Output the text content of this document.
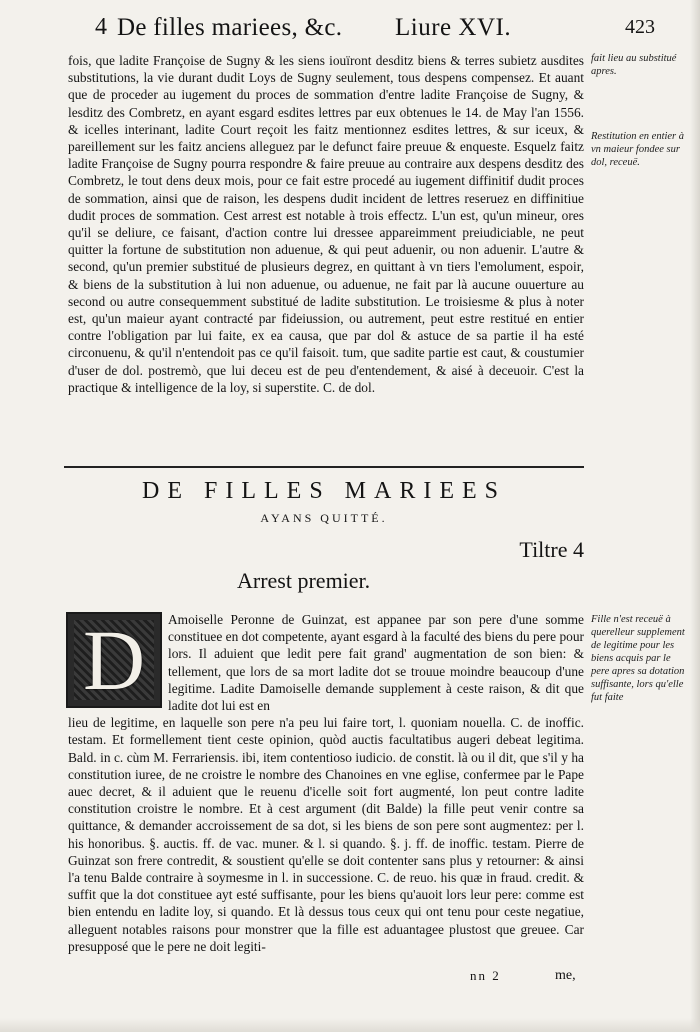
4 De filles mariees, &c. Liure XVI.	423

fois, que ladite Françoise de Sugny & les siens iouïront desditz biens & terres subietz ausdites substitutions, la vie durant dudit Loys de Sugny seulement, tous despens compensez. Et auant que de proceder au iugement du proces de sommation d'entre ladite Françoise de Sugny, & lesditz des Combretz, en ayant esgard esdites lettres par eux obtenues le 14. de May l'an 1556. & icelles interinant, ladite Court reçoit les faitz mentionnez esdites lettres, & sur iceux, & pareillement sur les faitz anciens alleguez par le defunct faire preuue & enqueste. Esquelz faitz ladite Françoise de Sugny pourra respondre & faire preuue au contraire aux despens desditz des Combretz, le tout dens deux mois, pour ce fait estre procedé au iugement diffinitif dudit proces de sommation, ainsi que de raison, les despens dudit incident de lettres reseruez en diffinitiue dudit proces de sommation. Cest arrest est notable à trois effectz. L'un est, qu'un mineur, ores qu'il se deliure, ce faisant, d'action contre lui dressee appareimment preiudiciable, ne peut quitter la fortune de substitution non aduenue, & qui peut aduenir, ou non aduenir. L'autre & second, qu'un premier substitué de plusieurs degrez, en quittant à vn tiers l'emolument, espoir, & biens de la substitution à lui non aduenue, ou aduenue, ne fait par là aucune ouuerture au second ou autre consequemment substitué de ladite substitution. Le troisiesme & plus à noter est, qu'un maieur ayant contracté par fideiussion, ou autrement, peut estre restitué en entier contre l'obligation par lui faite, ex ea causa, que par dol & astuce de sa partie il ha esté circonuenu, & qu'il n'entendoit pas ce qu'il faisoit. tum, que sadite partie est caut, & coustumier d'user de dol. postremò, que lui deceu est de peu d'entendement, & aisé à deceuoir. C'est la practique & intelligence de la loy, si superstite. C. de dol.

fait lieu au substitué apres.
Restitution en entier à vn maieur fondee sur dol, receuë.
DE FILLES MARIEES
AYANS QUITTÉ.
Tiltre 4
Arrest premier.
D	Amoiselle Peronne de Guinzat, est appanee par son pere d'une somme constituee en dot competente, ayant esgard à la faculté des biens du pere pour lors. Il aduient que ledit pere fait grand' augmentation de son bien: & tellement, que lors de sa mort ladite dot se trouue moindre beaucoup d'une legitime. Ladite Damoiselle demande supplement à ceste raison, & dit que ladite dot lui est en

lieu de legitime, en laquelle son pere n'a peu lui faire tort, l. quoniam nouella. C. de inoffic. testam. Et formellement tient ceste opinion, quòd auctis facultatibus augeri debeat legitima. Bald. in c. cùm M. Ferrariensis. ibi, item contentioso iudicio. de constit. là ou il dit, que s'il y ha constitution iuree, de ne croistre le nombre des Chanoines en vne eglise, confermee par le Pape auec decret, & il aduient que le reuenu d'icelle soit fort augmenté, lon peut contre ladite constitution croistre le nombre. Et à cest argument (dit Balde) la fille peut venir contre sa quittance, & demander accroissement de sa dot, si les biens de son pere sont augmentez: per l. his honoribus. §. auctis. ff. de vac. muner. & l. si quando. §. j. ff. de inoffic. testam. Pierre de Guinzat son frere contredit, & soustient qu'elle se doit contenter sans plus y retourner: & ainsi l'a tenu Balde contraire à soymesme in l. in successione. C. de reuo. his quæ in fraud. credit. & suffit que la dot constituee ayt esté suffisante, pour les biens qu'auoit lors leur pere: comme est bien entendu en ladite loy, si quando. Et là dessus tous ceux qui ont tenu pour ceste negatiue, alleguent notables raisons pour monstrer que la fille est aduantagee plustost que greuee. Car presupposé que le pere ne doit legiti-

Fille n'est receuë à querelleur supplement de legitime pour les biens acquis par le pere apres sa dotation suffisante, lors qu'elle fut faite
nn 2	me,
